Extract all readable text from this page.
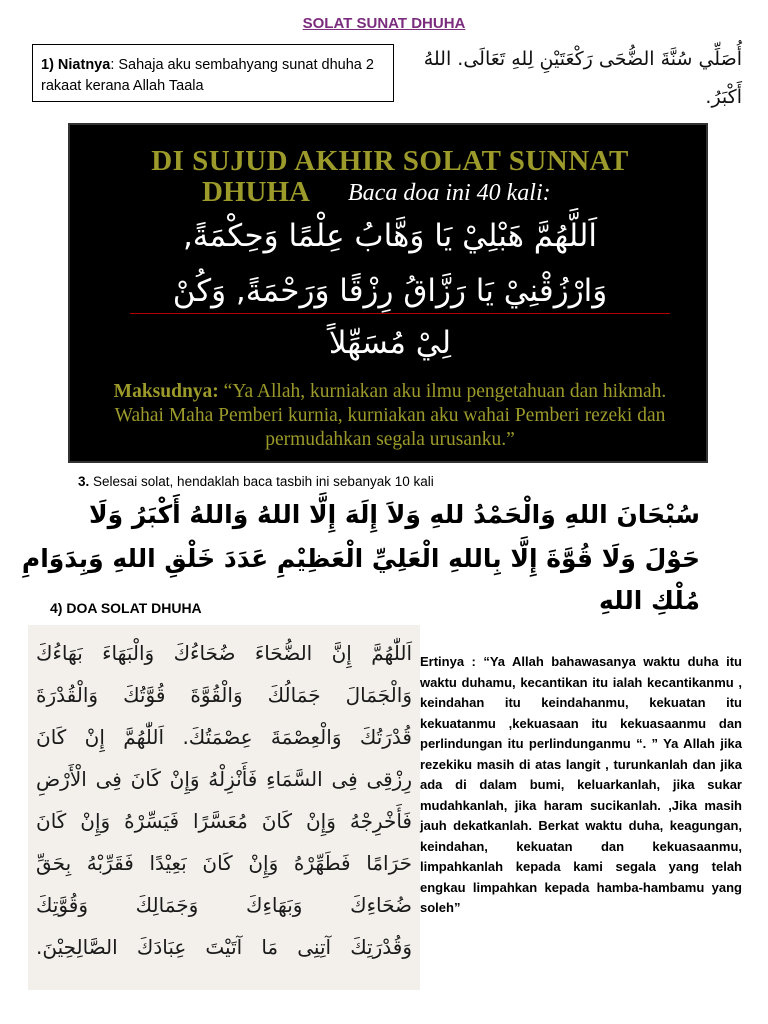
SOLAT SUNAT DHUHA
1) Niatnya: Sahaja aku sembahyang sunat dhuha 2 rakaat kerana Allah Taala
أُصَلِّي سُنَّةَ الضُّحَى رَكْعَتَيْنِ لِلهِ تَعَالَى. اللهُ
أَكْبَرُ.
DI SUJUD AKHIR SOLAT SUNNAT
DHUHA Baca doa ini 40 kali:
اَللَّهُمَّ هَبْلِيْ يَا وَهَّابُ عِلْمًا وَحِكْمَةً,
وَارْزُقْنِيْ يَا رَزَّاقُ رِزْقًا وَرَحْمَةً, وَكُنْ
لِيْ مُسَهِّلاً
Maksudnya: “Ya Allah, kurniakan aku ilmu pengetahuan dan hikmah. Wahai Maha Pemberi kurnia, kurniakan aku wahai Pemberi rezeki dan permudahkan segala urusanku.”
3. Selesai solat, hendaklah baca tasbih ini sebanyak 10 kali
سُبْحَانَ اللهِ وَالْحَمْدُ للهِ وَلاَ إِلَهَ إِلَّا اللهُ وَاللهُ أَكْبَرُ وَلَا
حَوْلَ وَلَا قُوَّةَ إِلَّا بِاللهِ الْعَلِيِّ الْعَظِيْمِ عَدَدَ خَلْقِ اللهِ وَبِدَوَامِ
مُلْكِ اللهِ
4) DOA SOLAT DHUHA
اَللّٰهُمَّ إِنَّ الضُّحَاءَ ضُحَاءُكَ وَالْبَهَاءَ بَهَاءُكَ
وَالْجَمَالَ جَمَالُكَ وَالْقُوَّةَ قُوَّتُكَ وَالْقُدْرَةَ
قُدْرَتُكَ وَالْعِصْمَةَ عِصْمَتُكَ. اَللّٰهُمَّ إِنْ كَانَ
رِزْقِى فِى السَّمَاءِ فَأَنْزِلْهُ وَإِنْ كَانَ فِى الْأَرْضِ
فَأَخْرِجْهُ وَإِنْ كَانَ مُعَسَّرًا فَيَسِّرْهُ وَإِنْ كَانَ
حَرَامًا فَطَهِّرْهُ وَإِنْ كَانَ بَعِيْدًا فَقَرِّبْهُ بِحَقِّ
ضُحَاءِكَ وَبَهَاءِكَ وَجَمَالِكَ وَقُوَّتِكَ
وَقُدْرَتِكَ آتِنِى مَا آتَيْتَ عِبَادَكَ الصَّالِحِيْنَ.
Ertinya : “Ya Allah bahawasanya waktu duha itu waktu duhamu, kecantikan itu ialah kecantikanmu , keindahan itu keindahanmu, kekuatan itu kekuatanmu ,kekuasaan itu kekuasaanmu dan perlindungan itu perlindunganmu “. ” Ya Allah jika rezekiku masih di atas langit , turunkanlah dan jika ada di dalam bumi, keluarkanlah, jika sukar mudahkanlah, jika haram sucikanlah. ,Jika masih jauh dekatkanlah. Berkat waktu duha, keagungan, keindahan, kekuatan dan kekuasaanmu, limpahkanlah kepada kami segala yang telah engkau limpahkan kepada hamba-hambamu yang soleh”
